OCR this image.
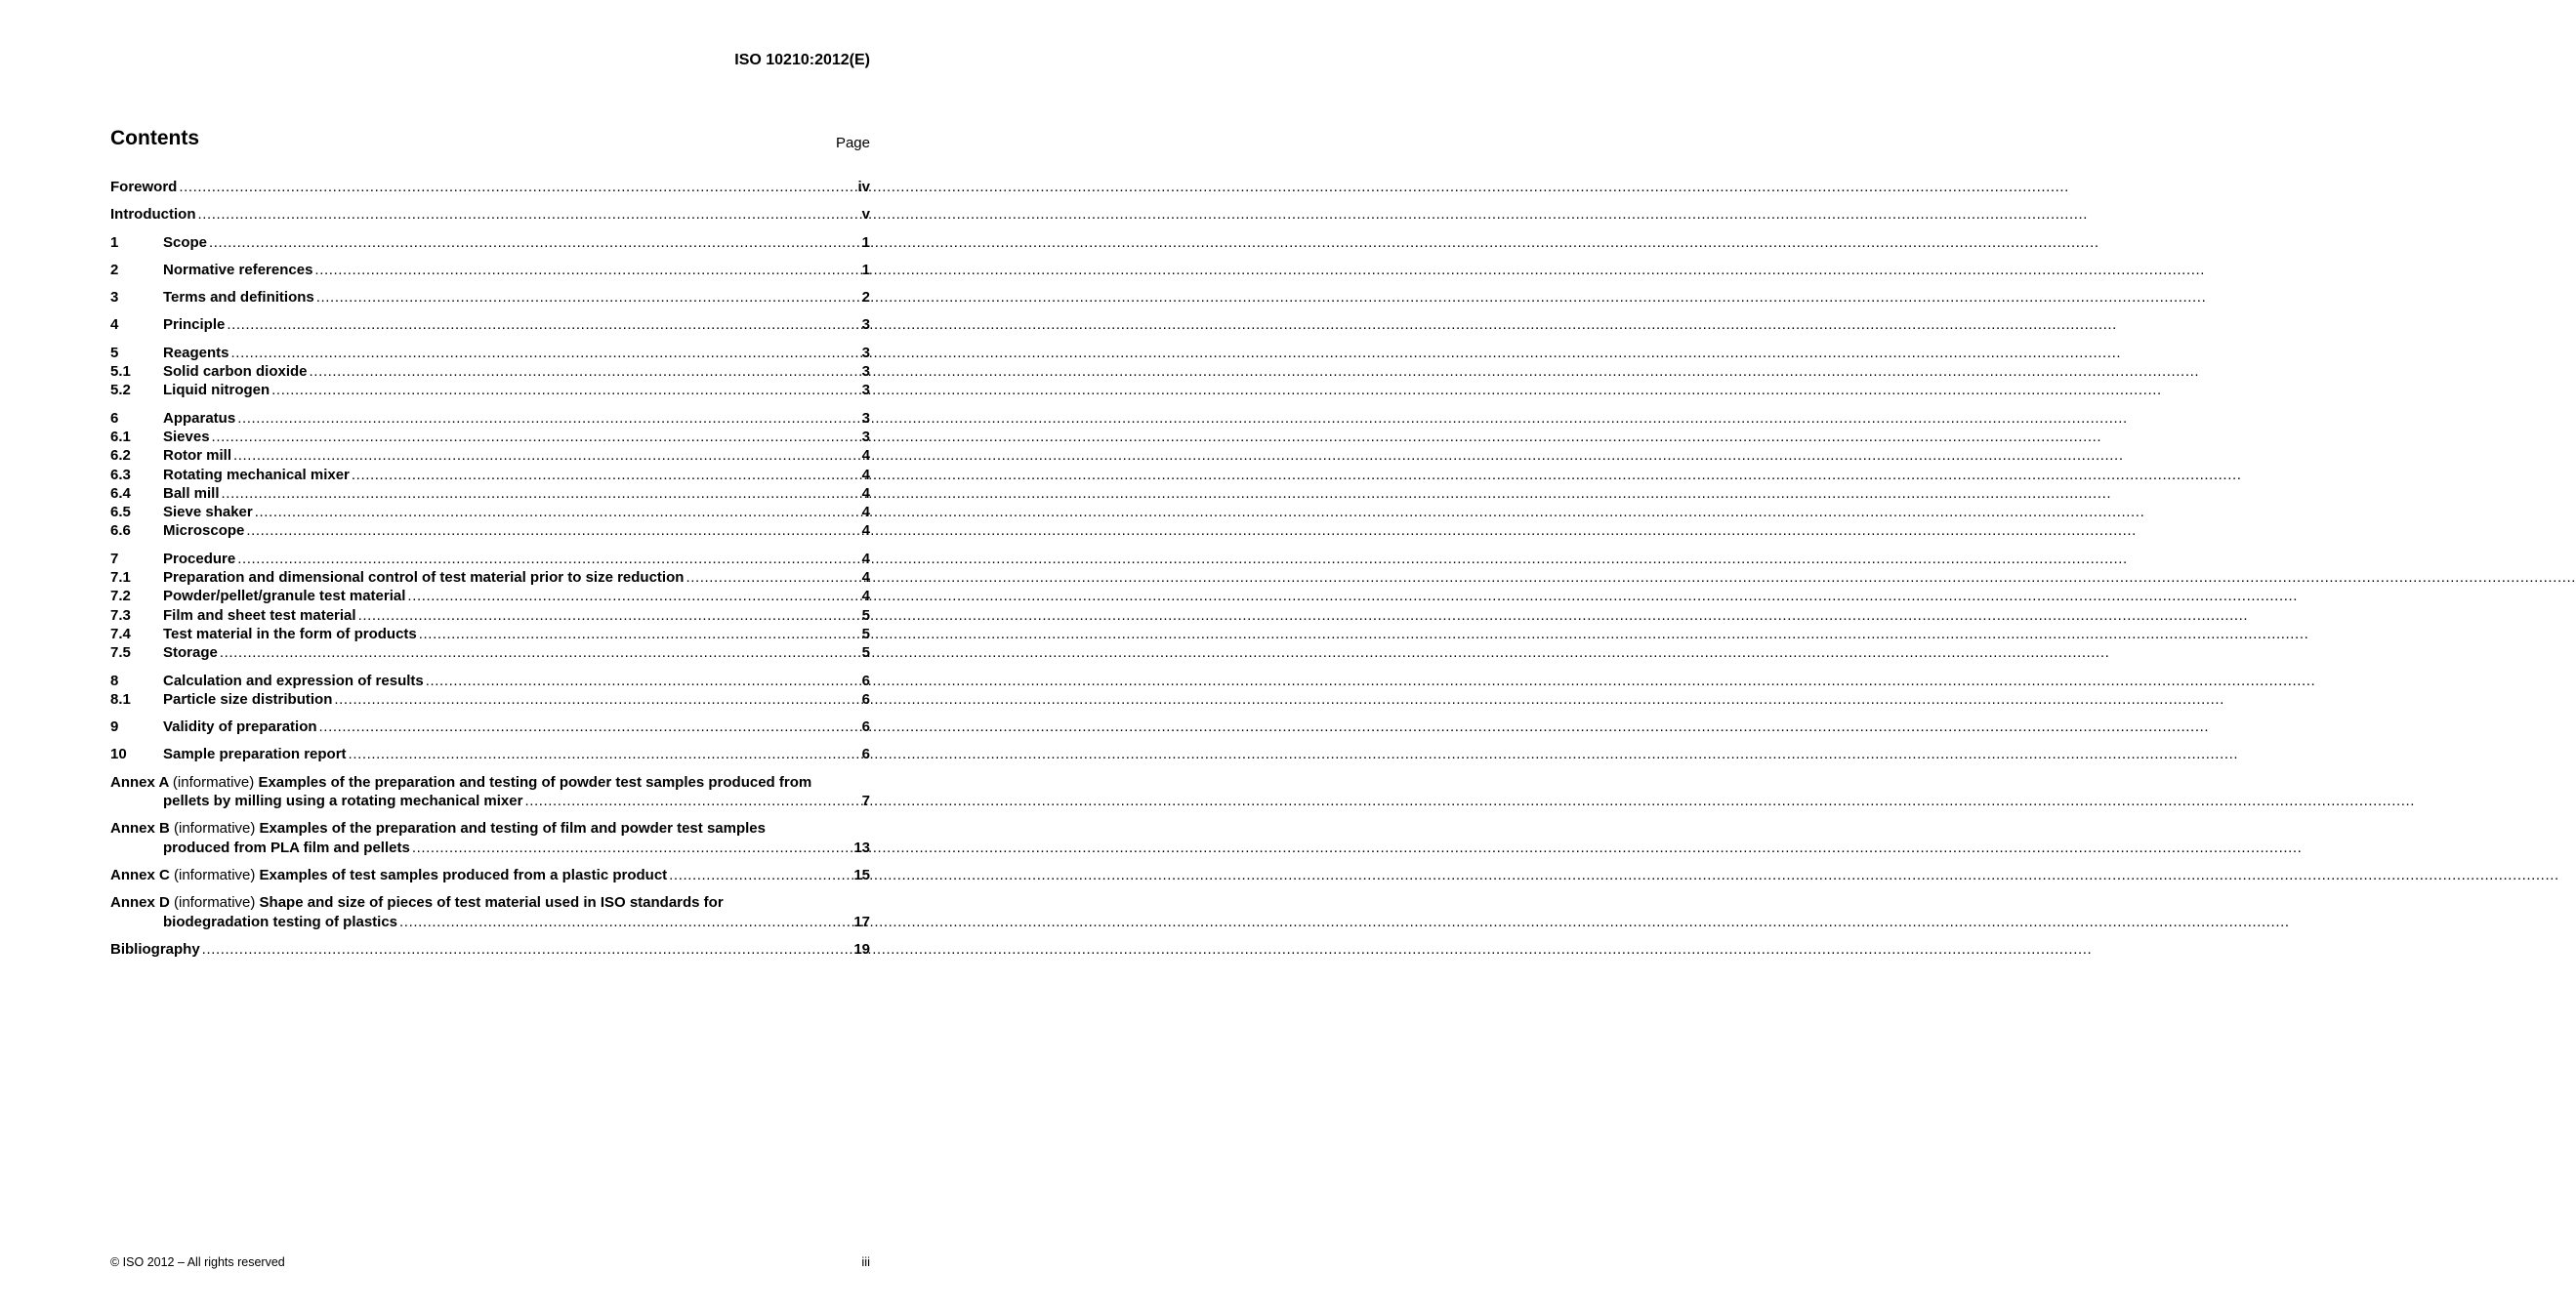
ISO 10210:2012(E)
Contents	Page
Foreword .....	iv
Introduction .....	v
1	Scope .....	1
2	Normative references .....	1
3	Terms and definitions .....	2
4	Principle .....	3
5	Reagents .....	3
5.1	Solid carbon dioxide .....	3
5.2	Liquid nitrogen .....	3
6	Apparatus .....	3
6.1	Sieves .....	3
6.2	Rotor mill .....	4
6.3	Rotating mechanical mixer .....	4
6.4	Ball mill .....	4
6.5	Sieve shaker .....	4
6.6	Microscope .....	4
7	Procedure .....	4
7.1	Preparation and dimensional control of test material prior to size reduction .....	4
7.2	Powder/pellet/granule test material .....	4
7.3	Film and sheet test material .....	5
7.4	Test material in the form of products .....	5
7.5	Storage .....	5
8	Calculation and expression of results .....	6
8.1	Particle size distribution .....	6
9	Validity of preparation .....	6
10	Sample preparation report .....	6
Annex A (informative) Examples of the preparation and testing of powder test samples produced from
pellets by milling using a rotating mechanical mixer .....	7
Annex B (informative) Examples of the preparation and testing of film and powder test samples
produced from PLA film and pellets .....	13
Annex C (informative) Examples of test samples produced from a plastic product .....	15
Annex D (informative) Shape and size of pieces of test material used in ISO standards for
biodegradation testing of plastics .....	17
Bibliography .....	19
© ISO 2012 – All rights reserved	iii
